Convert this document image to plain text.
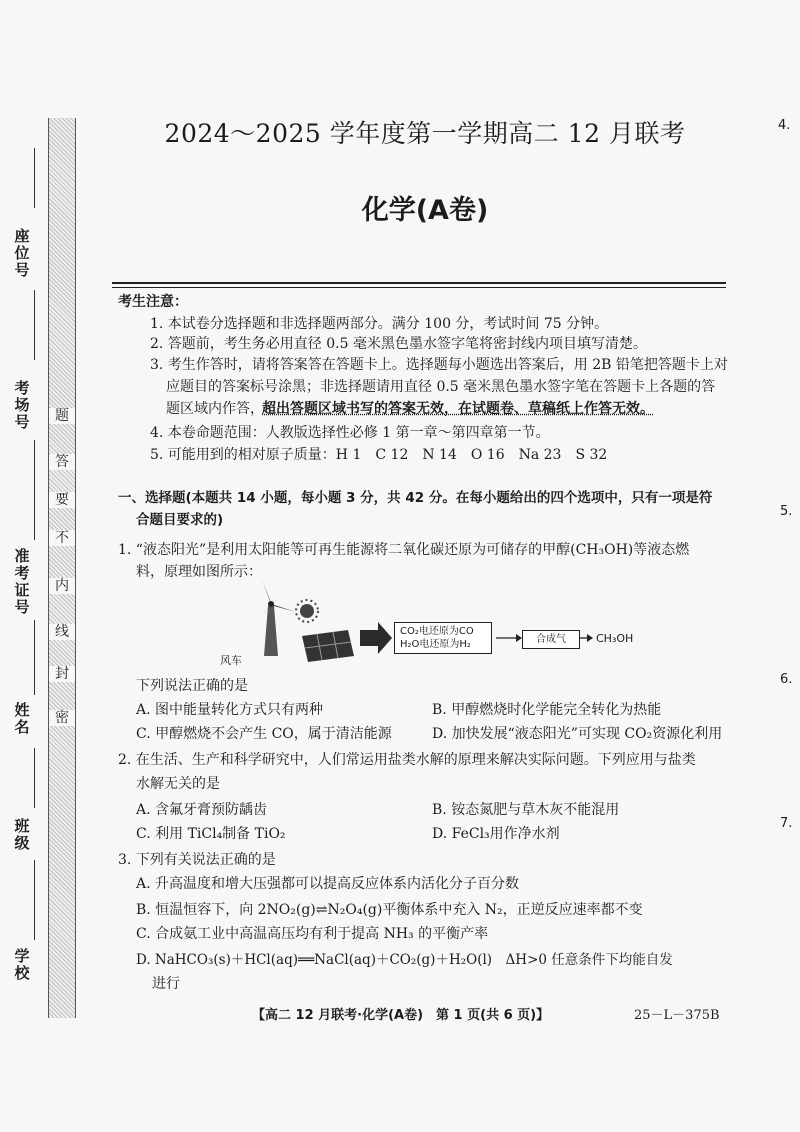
题
答
要
不
内
线
封
密
座位号
考场号
准考证号
姓名
班级
学校
2024～2025 学年度第一学期高二 12 月联考
化学(A卷)
考生注意：
1. 本试卷分选择题和非选择题两部分。满分 100 分，考试时间 75 分钟。
2. 答题前，考生务必用直径 0.5 毫米黑色墨水签字笔将密封线内项目填写清楚。
3. 考生作答时，请将答案答在答题卡上。选择题每小题选出答案后，用 2B 铅笔把答题卡上对
应题目的答案标号涂黑；非选择题请用直径 0.5 毫米黑色墨水签字笔在答题卡上各题的答
题区域内作答，
超出答题区域书写的答案无效，在试题卷、草稿纸上作答无效。
4. 本卷命题范围：人教版选择性必修 1 第一章～第四章第一节。
5. 可能用到的相对原子质量：H 1　C 12　N 14　O 16　Na 23　S 32
一、选择题(本题共 14 小题，每小题 3 分，共 42 分。在每小题给出的四个选项中，只有一项是符
合题目要求的)
1. “液态阳光”是利用太阳能等可再生能源将二氧化碳还原为可储存的甲醇(CH₃OH)等液态燃
料，原理如图所示：
风车
CO₂电还原为CO
H₂O电还原为H₂	合成气	CH₃OH
下列说法正确的是
A. 图中能量转化方式只有两种	B. 甲醇燃烧时化学能完全转化为热能
C. 甲醇燃烧不会产生 CO，属于清洁能源	D. 加快发展“液态阳光”可实现 CO₂资源化利用
2. 在生活、生产和科学研究中，人们常运用盐类水解的原理来解决实际问题。下列应用与盐类
水解无关的是
A. 含氟牙膏预防龋齿	B. 铵态氮肥与草木灰不能混用
C. 利用 TiCl₄制备 TiO₂	D. FeCl₃用作净水剂
3. 下列有关说法正确的是
A. 升高温度和增大压强都可以提高反应体系内活化分子百分数
B. 恒温恒容下，向 2NO₂(g)⇌N₂O₄(g)平衡体系中充入 N₂，正逆反应速率都不变
C. 合成氨工业中高温高压均有利于提高 NH₃ 的平衡产率
D. NaHCO₃(s)＋HCl(aq)══NaCl(aq)＋CO₂(g)＋H₂O(l)　ΔH>0 任意条件下均能自发
进行
【高二 12 月联考·化学(A卷)　第 1 页(共 6 页)】	25－L－375B
4.
5.
6.
7.
